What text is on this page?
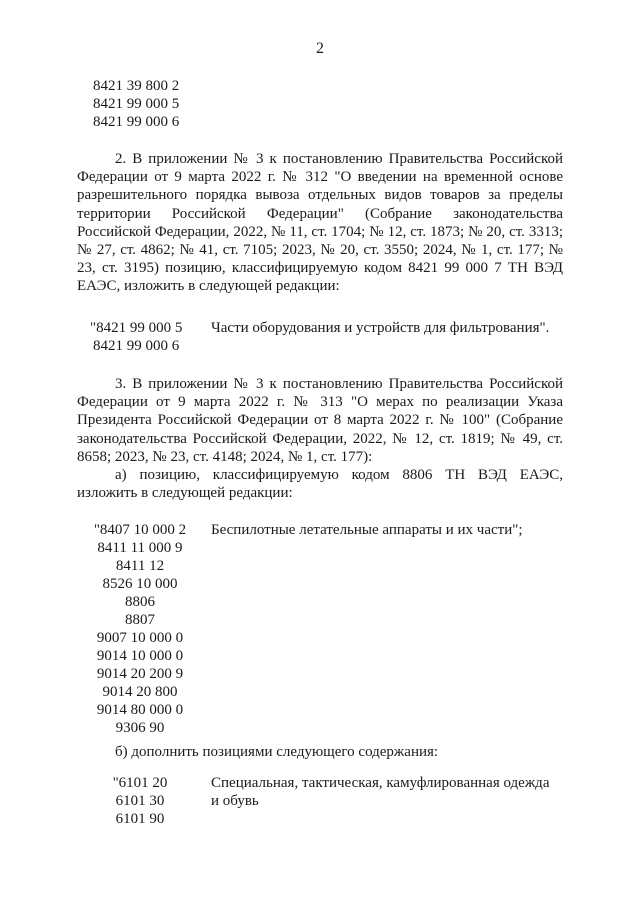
2
8421 39 800 2
8421 99 000 5
8421 99 000 6
2. В приложении № 3 к постановлению Правительства Российской Федерации от 9 марта 2022 г. № 312 "О введении на временной основе разрешительного порядка вывоза отдельных видов товаров за пределы территории Российской Федерации" (Собрание законодательства Российской Федерации, 2022, № 11, ст. 1704; № 12, ст. 1873; № 20, ст. 3313; № 27, ст. 4862; № 41, ст. 7105; 2023, № 20, ст. 3550; 2024, № 1, ст. 177; № 23, ст. 3195) позицию, классифицируемую кодом 8421 99 000 7 ТН ВЭД ЕАЭС, изложить в следующей редакции:
"8421 99 000 5
8421 99 000 6
Части оборудования и устройств для фильтрования".
3. В приложении № 3 к постановлению Правительства Российской Федерации от 9 марта 2022 г. № 313 "О мерах по реализации Указа Президента Российской Федерации от 8 марта 2022 г. № 100" (Собрание законодательства Российской Федерации, 2022, № 12, ст. 1819; № 49, ст. 8658; 2023, № 23, ст. 4148; 2024, № 1, ст. 177):
а) позицию, классифицируемую кодом 8806 ТН ВЭД ЕАЭС, изложить в следующей редакции:
"8407 10 000 2
8411 11 000 9
8411 12
8526 10 000
8806
8807
9007 10 000 0
9014 10 000 0
9014 20 200 9
9014 20 800
9014 80 000 0
9306 90
Беспилотные летательные аппараты и их части";
б) дополнить позициями следующего содержания:
"6101 20
6101 30
6101 90
Специальная, тактическая, камуфлированная одежда и обувь
